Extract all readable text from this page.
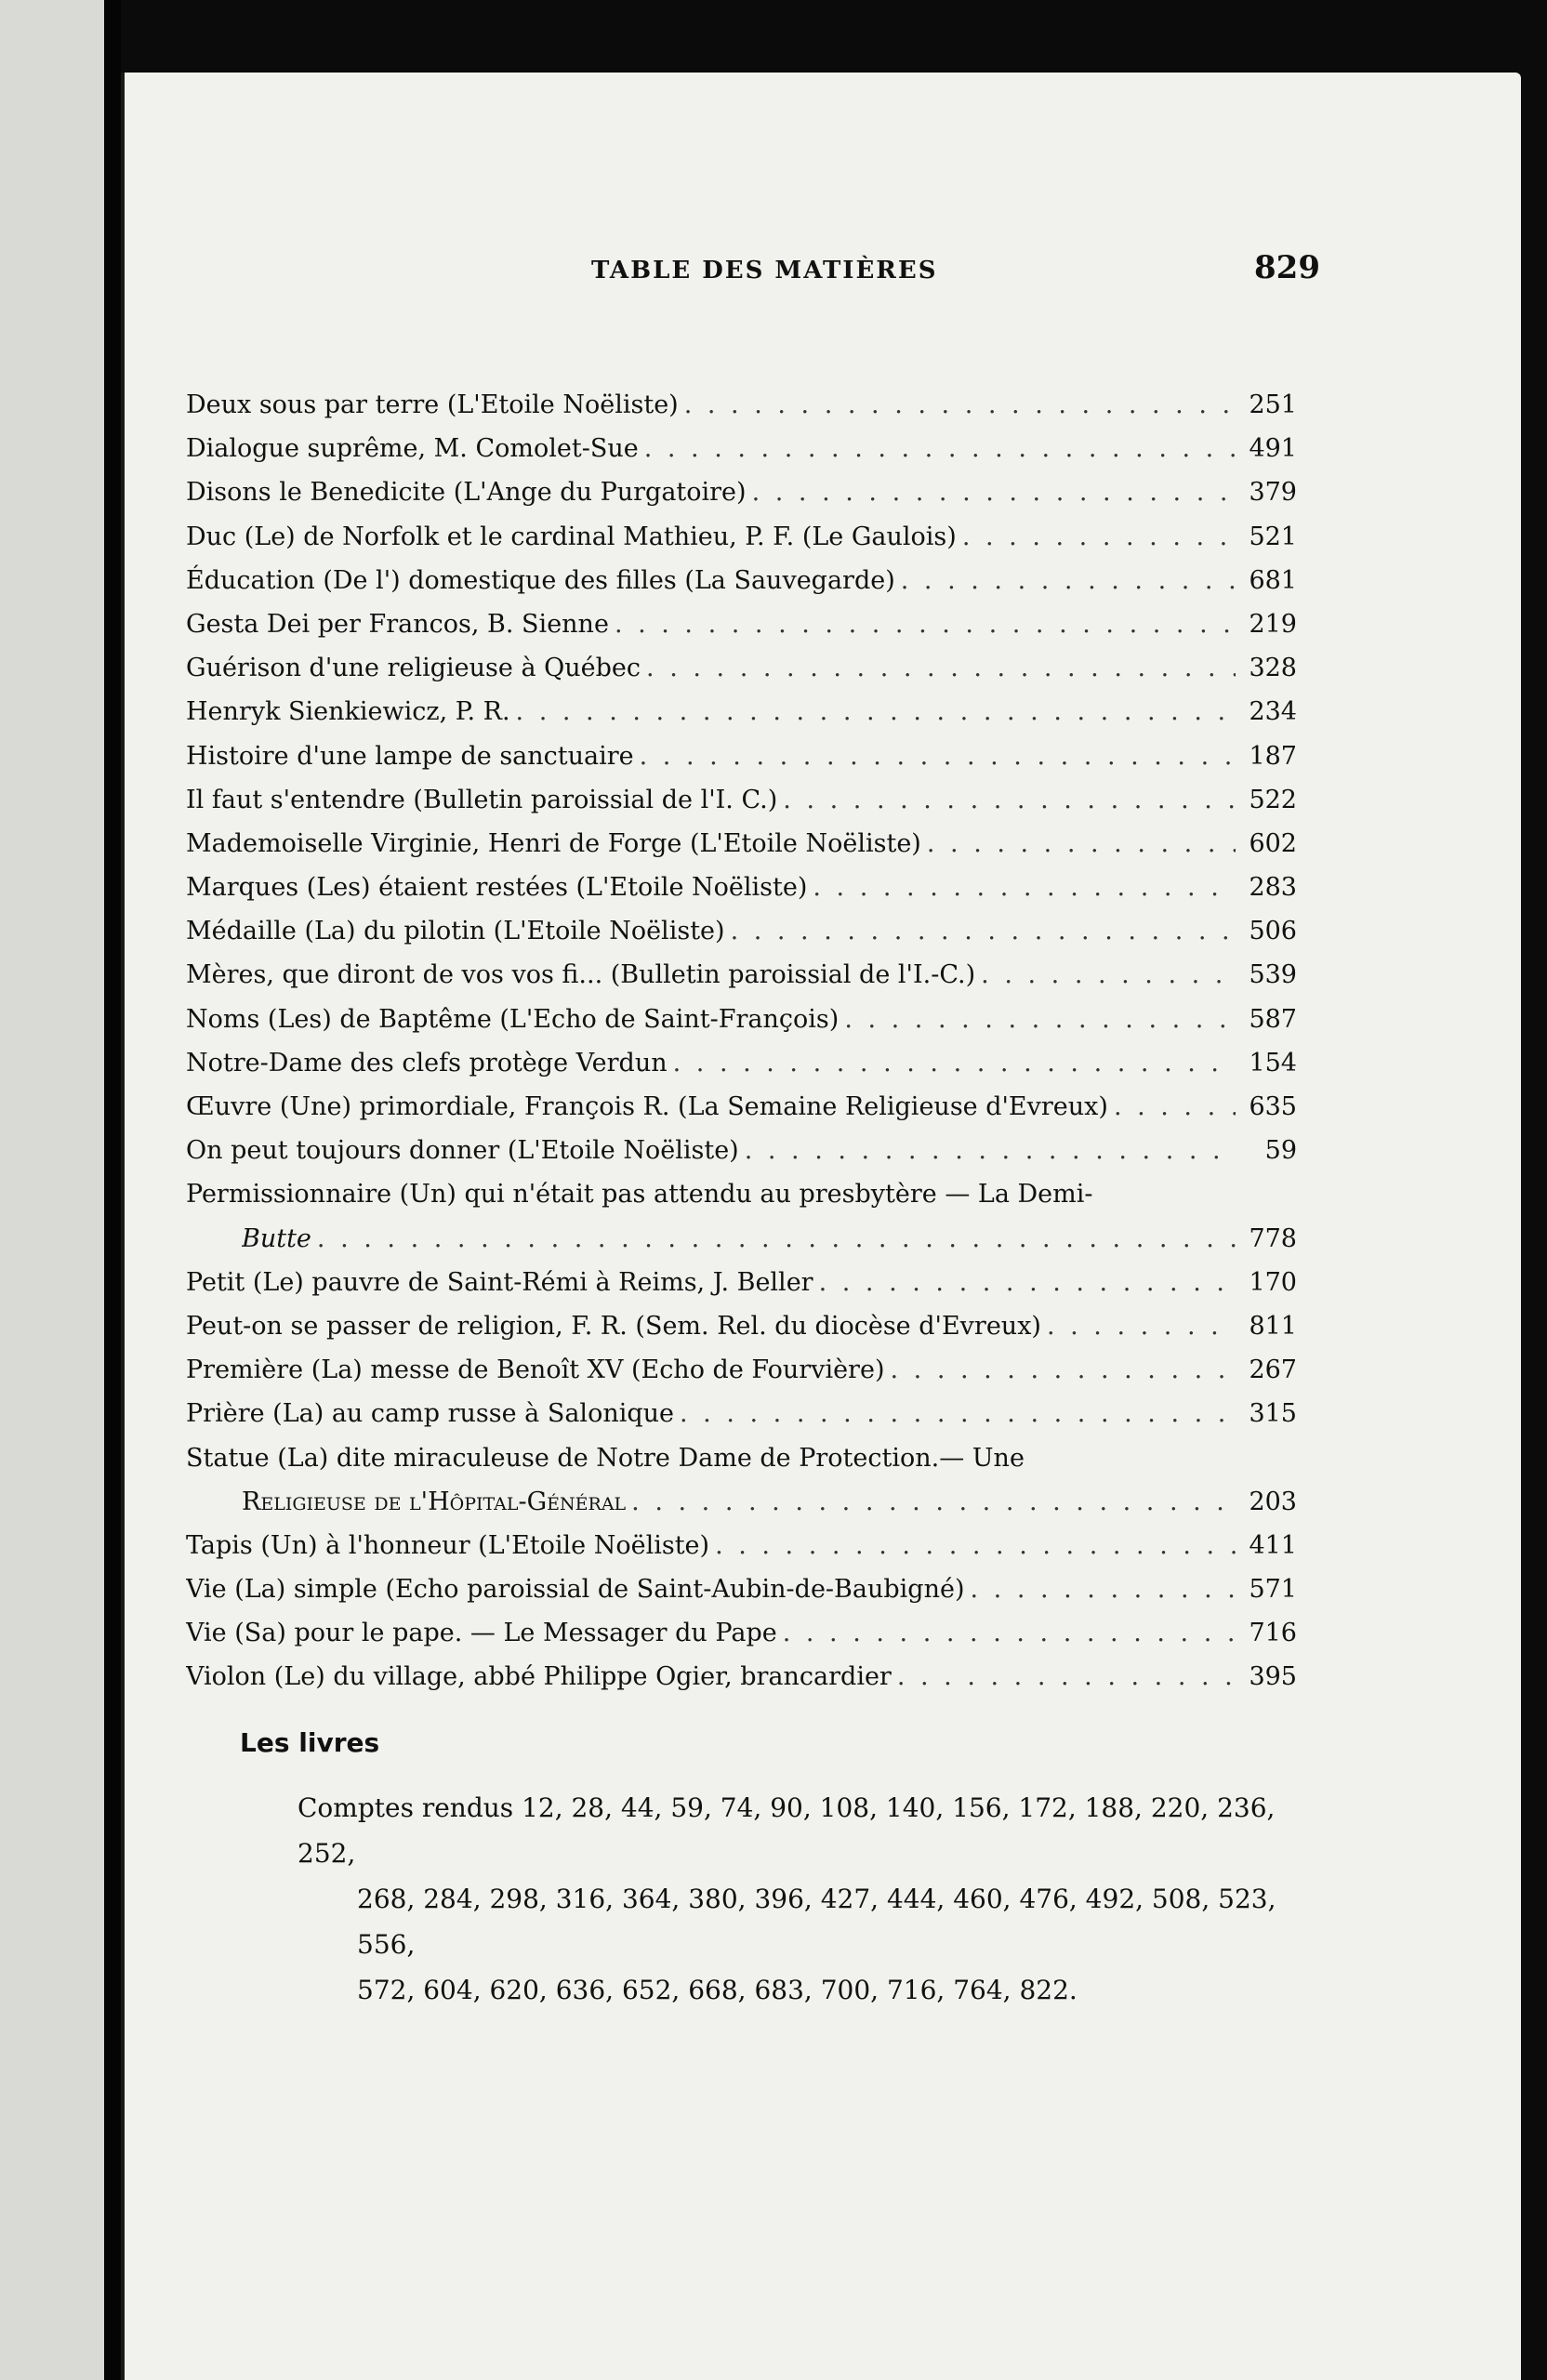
TABLE DES MATIÈRES	829
Deux sous par terre (L'Etoile Noëliste) . . .	251
Dialogue suprême, M. Comolet-Sue . . .	491
Disons le Benedicite (L'Ange du Purgatoire) . . .	379
Duc (Le) de Norfolk et le cardinal Mathieu, P. F. (Le Gaulois) . . .	521
Éducation (De l') domestique des filles (La Sauvegarde) . . .	681
Gesta Dei per Francos, B. Sienne . . .	219
Guérison d'une religieuse à Québec . . .	328
Henryk Sienkiewicz, P. R. . . .	234
Histoire d'une lampe de sanctuaire . . .	187
Il faut s'entendre (Bulletin paroissial de l'I. C.) . . .	522
Mademoiselle Virginie, Henri de Forge (L'Etoile Noëliste) . . .	602
Marques (Les) étaient restées (L'Etoile Noëliste) . . .	283
Médaille (La) du pilotin (L'Etoile Noëliste) . . .	506
Mères, que diront de vos vos fi... (Bulletin paroissial de l'I.-C.) . . .	539
Noms (Les) de Baptême (L'Echo de Saint-François) . . .	587
Notre-Dame des clefs protège Verdun . . .	154
Œuvre (Une) primordiale, François R. (La Semaine Religieuse d'Evreux) . . .	635
On peut toujours donner (L'Etoile Noëliste) . . .	59
Permissionnaire (Un) qui n'était pas attendu au presbytère — La Demi-
Butte . . .	778
Petit (Le) pauvre de Saint-Rémi à Reims, J. Beller . . .	170
Peut-on se passer de religion, F. R. (Sem. Rel. du diocèse d'Evreux) . . .	811
Première (La) messe de Benoît XV (Echo de Fourvière) . . .	267
Prière (La) au camp russe à Salonique . . .	315
Statue (La) dite miraculeuse de Notre Dame de Protection.— Une
Religieuse de l'Hôpital-Général . . .	203
Tapis (Un) à l'honneur (L'Etoile Noëliste) . . .	411
Vie (La) simple (Echo paroissial de Saint-Aubin-de-Baubigné) . . .	571
Vie (Sa) pour le pape. — Le Messager du Pape . . .	716
Violon (Le) du village, abbé Philippe Ogier, brancardier . . .	395
Les livres
Comptes rendus 12, 28, 44, 59, 74, 90, 108, 140, 156, 172, 188, 220, 236, 252,
268, 284, 298, 316, 364, 380, 396, 427, 444, 460, 476, 492, 508, 523, 556,
572, 604, 620, 636, 652, 668, 683, 700, 716, 764, 822.
